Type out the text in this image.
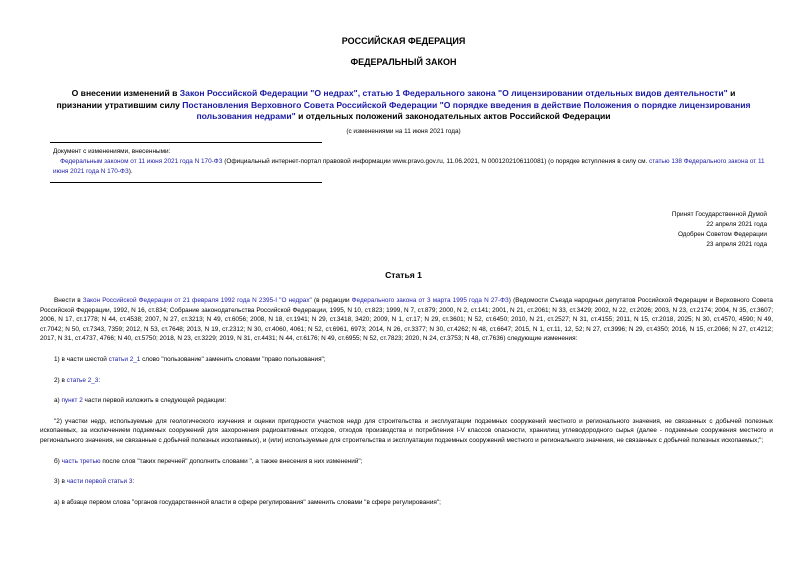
РОССИЙСКАЯ ФЕДЕРАЦИЯ
ФЕДЕРАЛЬНЫЙ ЗАКОН
О внесении изменений в Закон Российской Федерации "О недрах", статью 1 Федерального закона "О лицензировании отдельных видов деятельности" и признании утратившим силу Постановления Верховного Совета Российской Федерации "О порядке введения в действие Положения о порядке лицензирования пользования недрами" и отдельных положений законодательных актов Российской Федерации
(с изменениями на 11 июня 2021 года)
Документ с изменениями, внесенными:
Федеральным законом от 11 июня 2021 года N 170-ФЗ (Официальный интернет-портал правовой информации www.pravo.gov.ru, 11.06.2021, N 0001202106110081) (о порядке вступления в силу см. статью 138 Федерального закона от 11 июня 2021 года N 170-ФЗ).
Принят Государственной Думой
22 апреля 2021 года
Одобрен Советом Федерации
23 апреля 2021 года
Статья 1

Внести в Закон Российской Федерации от 21 февраля 1992 года N 2395-I "О недрах" (в редакции Федерального закона от 3 марта 1995 года N 27-ФЗ) (Ведомости Съезда народных депутатов Российской Федерации и Верховного Совета Российской Федерации, 1992, N 16, ст.834; Собрание законодательства Российской Федерации, 1995, N 10, ст.823; 1999, N 7, ст.879; 2000, N 2, ст.141; 2001, N 21, ст.2061; N 33, ст.3429; 2002, N 22, ст.2026; 2003, N 23, ст.2174; 2004, N 35, ст.3607; 2006, N 17, ст.1778; N 44, ст.4538; 2007, N 27, ст.3213; N 49, ст.6056; 2008, N 18, ст.1941; N 29, ст.3418, 3420; 2009, N 1, ст.17; N 29, ст.3601; N 52, ст.6450; 2010, N 21, ст.2527; N 31, ст.4155; 2011, N 15, ст.2018, 2025; N 30, ст.4570, 4590; N 49, ст.7042; N 50, ст.7343, 7359; 2012, N 53, ст.7648; 2013, N 19, ст.2312; N 30, ст.4060, 4061; N 52, ст.6961, 6973; 2014, N 26, ст.3377; N 30, ст.4262; N 48, ст.6647; 2015, N 1, ст.11, 12, 52; N 27, ст.3996; N 29, ст.4350; 2016, N 15, ст.2066; N 27, ст.4212; 2017, N 31, ст.4737, 4766; N 40, ст.5750; 2018, N 23, ст.3229; 2019, N 31, ст.4431; N 44, ст.6176; N 49, ст.6955; N 52, ст.7823; 2020, N 24, ст.3753; N 48, ст.7636) следующие изменения:

1) в части шестой статьи 2_1 слово "пользование" заменить словами "право пользования";

2) в статье 2_3:

а) пункт 2 части первой изложить в следующей редакции:

"2) участки недр, используемые для геологического изучения и оценки пригодности участков недр для строительства и эксплуатации подземных сооружений местного и регионального значения, не связанных с добычей полезных ископаемых, за исключением подземных сооружений для захоронения радиоактивных отходов, отходов производства и потребления I-V классов опасности, хранилищ углеводородного сырья (далее - подземные сооружения местного и регионального значения, не связанные с добычей полезных ископаемых), и (или) используемые для строительства и эксплуатации подземных сооружений местного и регионального значения, не связанных с добычей полезных ископаемых;";

б) часть третью после слов "таких перечней" дополнить словами ", а также внесения в них изменений";

3) в части первой статьи 3:

а) в абзаце первом слова "органов государственной власти в сфере регулирования" заменить словами "в сфере регулирования";
